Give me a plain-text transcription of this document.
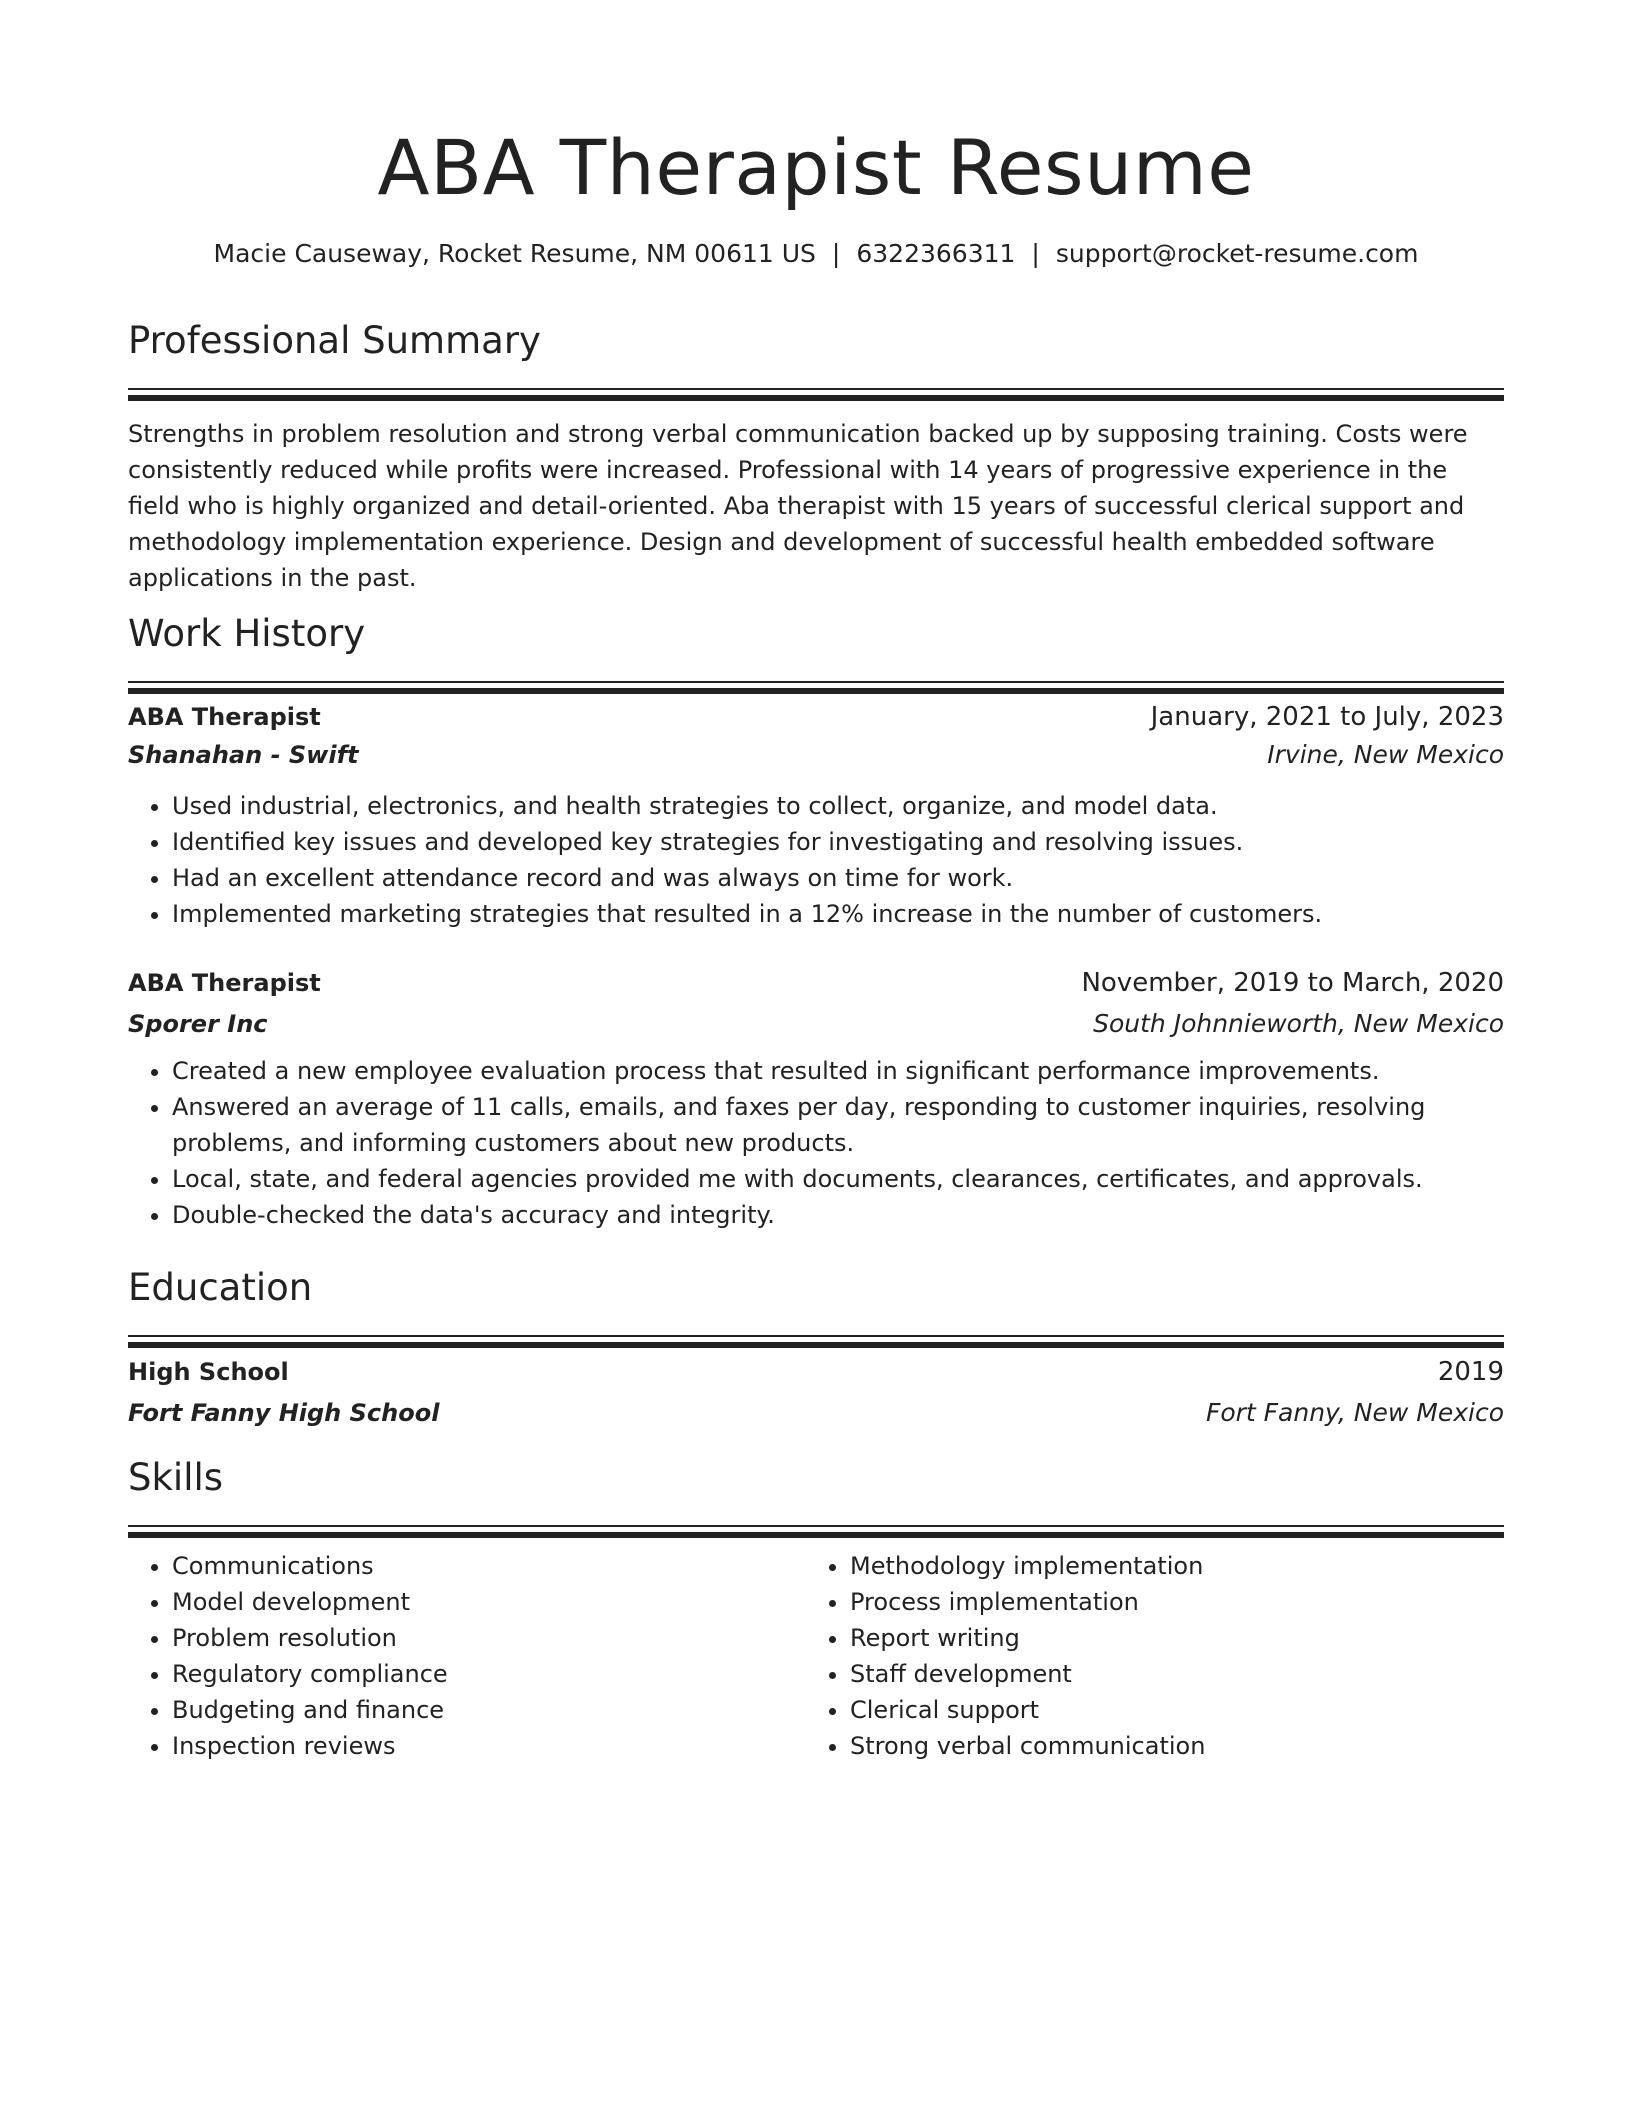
ABA Therapist Resume
Macie Causeway, Rocket Resume, NM 00611 US | 6322366311 | support@rocket-resume.com
Professional Summary
Strengths in problem resolution and strong verbal communication backed up by supposing training. Costs were consistently reduced while profits were increased. Professional with 14 years of progressive experience in the field who is highly organized and detail-oriented. Aba therapist with 15 years of successful clerical support and methodology implementation experience. Design and development of successful health embedded software applications in the past.
Work History
ABA Therapist	January, 2021 to July, 2023
Shanahan - Swift	Irvine, New Mexico
• Used industrial, electronics, and health strategies to collect, organize, and model data.
• Identified key issues and developed key strategies for investigating and resolving issues.
• Had an excellent attendance record and was always on time for work.
• Implemented marketing strategies that resulted in a 12% increase in the number of customers.
ABA Therapist	November, 2019 to March, 2020
Sporer Inc	South Johnnieworth, New Mexico
• Created a new employee evaluation process that resulted in significant performance improvements.
• Answered an average of 11 calls, emails, and faxes per day, responding to customer inquiries, resolving problems, and informing customers about new products.
• Local, state, and federal agencies provided me with documents, clearances, certificates, and approvals.
• Double-checked the data's accuracy and integrity.
Education
High School	2019
Fort Fanny High School	Fort Fanny, New Mexico
Skills
• Communications
• Model development
• Problem resolution
• Regulatory compliance
• Budgeting and finance
• Inspection reviews
• Methodology implementation
• Process implementation
• Report writing
• Staff development
• Clerical support
• Strong verbal communication
